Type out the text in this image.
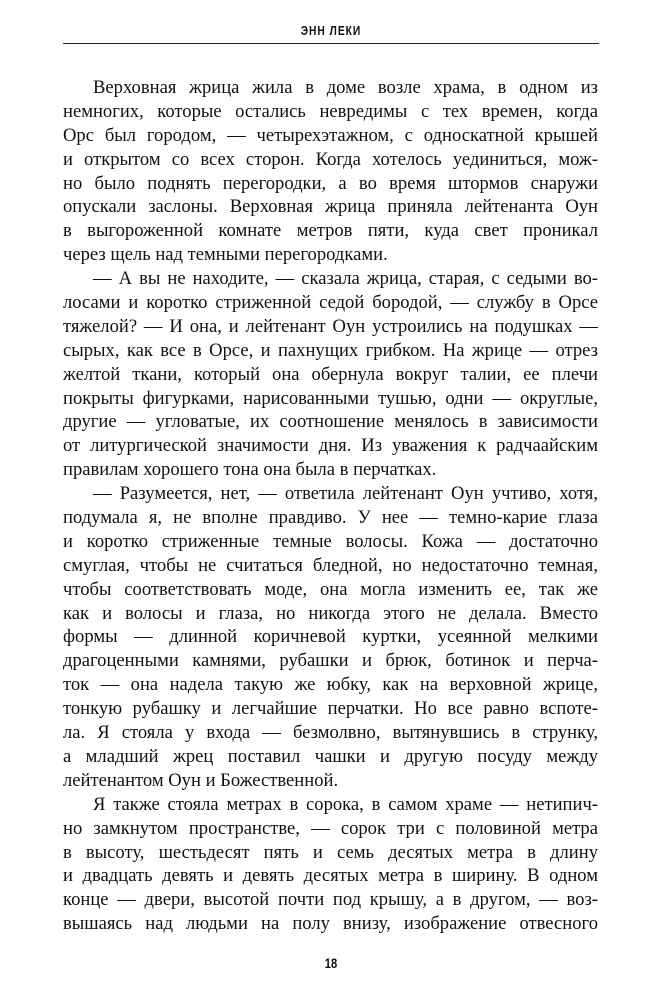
ЭНН ЛЕКИ
Верховная жрица жила в доме возле храма, в одном из
немногих, которые остались невредимы с тех времен, когда
Орс был городом, — четырехэтажном, с односкатной крышей
и открытом со всех сторон. Когда хотелось уединиться, мож-
но было поднять перегородки, а во время штормов снаружи
опускали заслоны. Верховная жрица приняла лейтенанта Оун
в выгороженной комнате метров пяти, куда свет проникал
через щель над темными перегородками.
— А вы не находите, — сказала жрица, старая, с седыми во-
лосами и коротко стриженной седой бородой, — службу в Орсе
тяжелой? — И она, и лейтенант Оун устроились на подушках —
сырых, как все в Орсе, и пахнущих грибком. На жрице — отрез
желтой ткани, который она обернула вокруг талии, ее плечи
покрыты фигурками, нарисованными тушью, одни — округлые,
другие — угловатые, их соотношение менялось в зависимости
от литургической значимости дня. Из уважения к радчаайским
правилам хорошего тона она была в перчатках.
— Разумеется, нет, — ответила лейтенант Оун учтиво, хотя,
подумала я, не вполне правдиво. У нее — темно-карие глаза
и коротко стриженные темные волосы. Кожа — достаточно
смуглая, чтобы не считаться бледной, но недостаточно темная,
чтобы соответствовать моде, она могла изменить ее, так же
как и волосы и глаза, но никогда этого не делала. Вместо
формы — длинной коричневой куртки, усеянной мелкими
драгоценными камнями, рубашки и брюк, ботинок и перча-
ток — она надела такую же юбку, как на верховной жрице,
тонкую рубашку и легчайшие перчатки. Но все равно вспоте-
ла. Я стояла у входа — безмолвно, вытянувшись в струнку,
а младший жрец поставил чашки и другую посуду между
лейтенантом Оун и Божественной.
Я также стояла метрах в сорока, в самом храме — нетипич-
но замкнутом пространстве, — сорок три с половиной метра
в высоту, шестьдесят пять и семь десятых метра в длину
и двадцать девять и девять десятых метра в ширину. В одном
конце — двери, высотой почти под крышу, а в другом, — воз-
вышаясь над людьми на полу внизу, изображение отвесного
18
